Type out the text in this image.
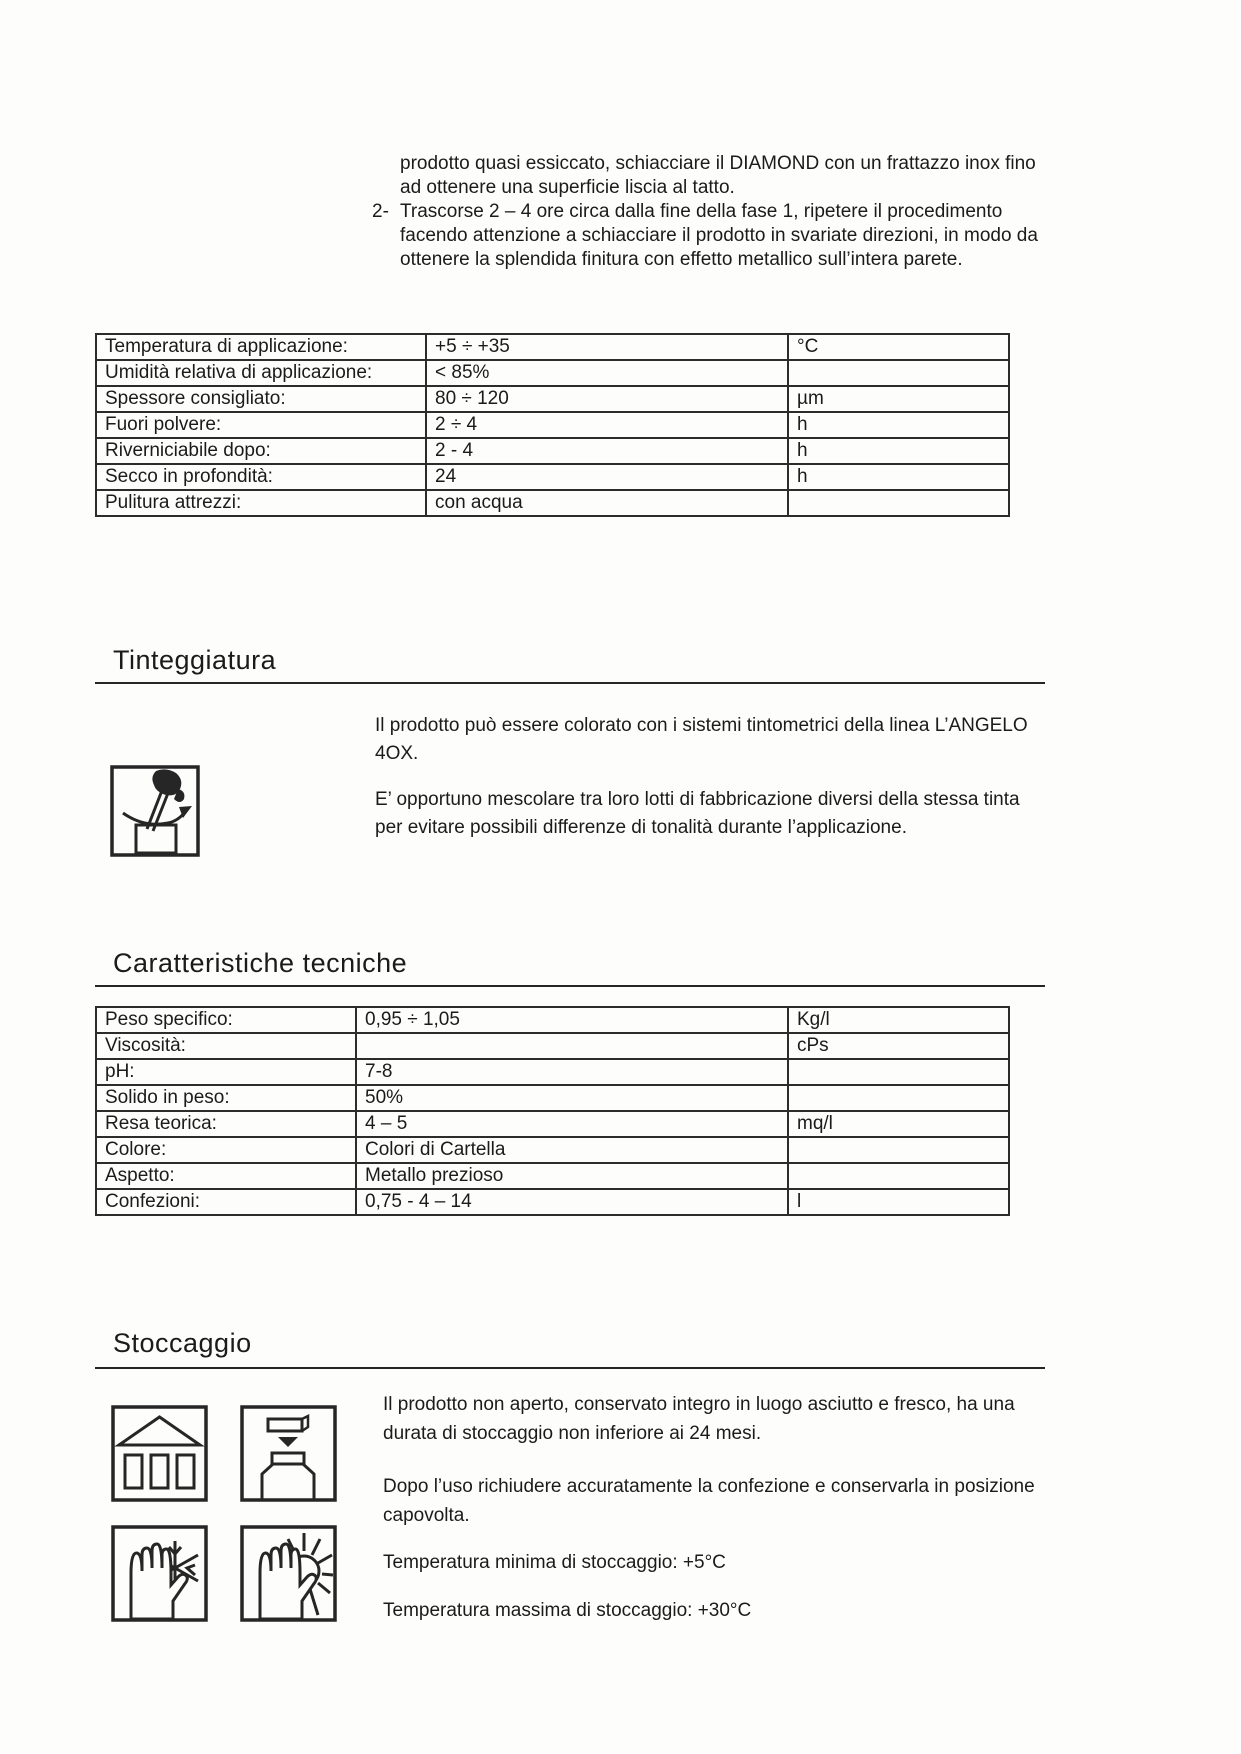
prodotto quasi essiccato, schiacciare il DIAMOND con un frattazzo inox fino
ad ottenere una superficie liscia al tatto.
2- Trascorse 2 – 4 ore circa dalla fine della fase 1, ripetere il procedimento
facendo attenzione a schiacciare il prodotto in svariate direzioni, in modo da
ottenere la splendida finitura con effetto metallico sull’intera parete.
Temperatura di applicazione:	+5 ÷ +35	°C
Umidità relativa di applicazione:	< 85%	
Spessore consigliato:	80 ÷ 120	µm
Fuori polvere:	2 ÷ 4	h
Riverniciabile dopo:	2 - 4	h
Secco in profondità:	24	h
Pulitura attrezzi:	con acqua	
Tinteggiatura
Il prodotto può essere colorato con i sistemi tintometrici della linea L’ANGELO
4OX.
E’ opportuno mescolare tra loro lotti di fabbricazione diversi della stessa tinta
per evitare possibili differenze di tonalità durante l’applicazione.
Caratteristiche tecniche
Peso specifico:	0,95 ÷ 1,05	Kg/l
Viscosità:		cPs
pH:	7-8	
Solido in peso:	50%	
Resa teorica:	4 – 5	mq/l
Colore:	Colori di Cartella	
Aspetto:	Metallo prezioso	
Confezioni:	0,75 - 4 – 14	l
Stoccaggio
Il prodotto non aperto, conservato integro in luogo asciutto e fresco, ha una
durata di stoccaggio non inferiore ai 24 mesi.
Dopo l’uso richiudere accuratamente la confezione e conservarla in posizione
capovolta.
Temperatura minima di stoccaggio: +5°C
Temperatura massima di stoccaggio: +30°C
